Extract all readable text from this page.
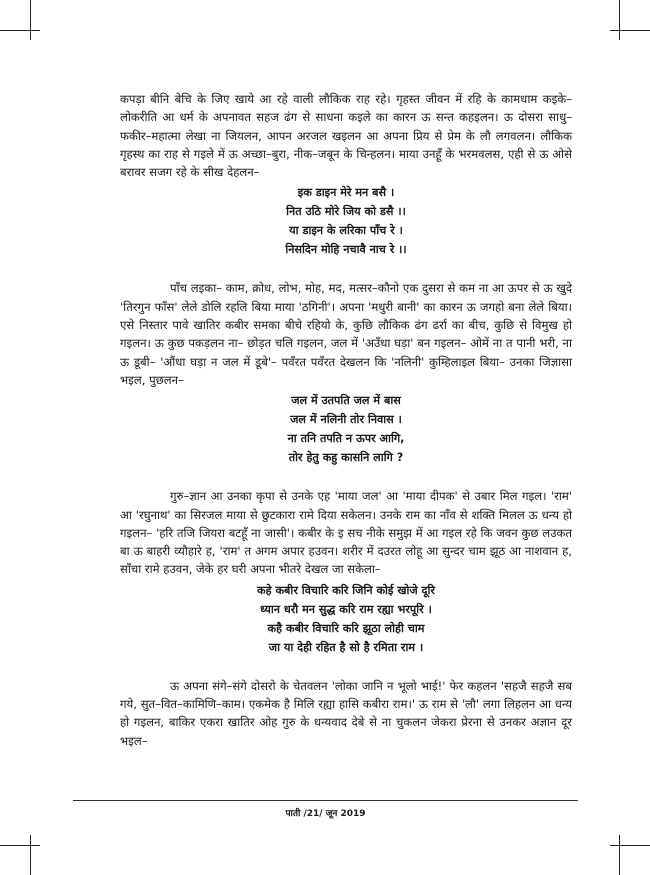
कपड़ा बीनि बेचि के जिए खाये आ रहे वाली लौकिक राह रहे। गृहस्त जीवन में रहि के कामधाम कइके– लोकरीति आ धर्म के अपनावत सहज ढंग से साधना कइले का कारन ऊ सन्त कहइलन। ऊ दोसरा साधु–फकीर–महात्मा लेखा ना जियलन, आपन अरजल खइलन आ अपना प्रिय से प्रेम के लौ लगवलन। लौकिक गृहस्थ का राह से गइले में ऊ अच्छा–बुरा, नीक–जबून के चिन्हलन। माया उनहूँ के भरमवलस, एही से ऊ ओसे बरावर सजग रहे के सीख देहलन–

इक डाइन मेरे मन बसै ।
नित उठि मोरे जिय को डसै ।।
या डाइन के लरिका पाँच रे ।
निसदिन मोहि नचावै नाच रे ।।

पाँच लइका– काम, क्रोध, लोभ, मोह, मद, मत्सर–कौनो एक दुसरा से कम ना आ ऊपर से ऊ खुदे 'तिरगुन फाँस' लेले डोलि रहलि बिया माया 'ठगिनी'। अपना 'मधुरी बानी' का कारन ऊ जगहो बना लेले बिया। एसे निस्तार पावे खातिर कबीर समका बीचे रहियो के, कुछि लौकिक ढंग ढर्रा का बीच, कुछि से विमुख हो गइलन। ऊ कुछ पकड़लन ना– छोड़त चलि गइलन, जल में 'अउँधा घड़ा' बन गइलन– ओमें ना त पानी भरी, ना ऊ डूबी– 'औंधा घड़ा न जल में डूबे'– पवँरत पवँरत देखलन कि 'नलिनी' कुम्हिलाइल बिया– उनका जिज्ञासा भइल, पुछलन–

जल में उतपति जल में बास
जल में नलिनी तोर निवास ।
ना तनि तपति न ऊपर आगि,
तोर हेतु कहु कासनि लागि ?

गुरु–ज्ञान आ उनका कृपा से उनके एह 'माया जल' आ 'माया दीपक' से उबार मिल गइल। 'राम' आ 'रघुनाथ' का सिरजल माया से छुटकारा रामे दिया सकेलन। उनके राम का नाँव से शक्ति मिलल ऊ धन्य हो गइलन– 'हरि तजि जियरा बटहूँ ना जासी'। कबीर के इ सच नीके समुझ में आ गइल रहे कि जवन कुछ लउकत बा ऊ बाहरी व्यौहारे ह, 'राम' त अगम अपार हउवन। शरीर में दउरत लोहू आ सुन्दर चाम झूठ आ नाशवान ह, साँचा रामे हउवन, जेके हर घरी अपना भीतरे देखल जा सकेला–

कहे कबीर विचारि करि जिनि कोई खोजे दूरि
ध्यान धरौ मन सुद्ध करि राम रह्या भरपूरि ।
कहै कबीर विचारि करि झूठा लोही चाम
जा या देही रहित है सो है रमिता राम ।

ऊ अपना संगे–संगे दोसरो के चेतवलन 'लोका जानि न भूलो भाई!' फेर कहलन 'सहजै सहजै सब गये, सुत–वित–कामिणि–काम। एकमेक है मिलि रह्या हासि कबीरा राम।' ऊ राम से 'लौ' लगा लिहलन आ धन्य हो गइलन, बाकिर एकरा खातिर ओह गुरु के धन्यवाद देबे से ना चुकलन जेकरा प्रेरना से उनकर अज्ञान दूर भइल–

पाती /21/ जून 2019
